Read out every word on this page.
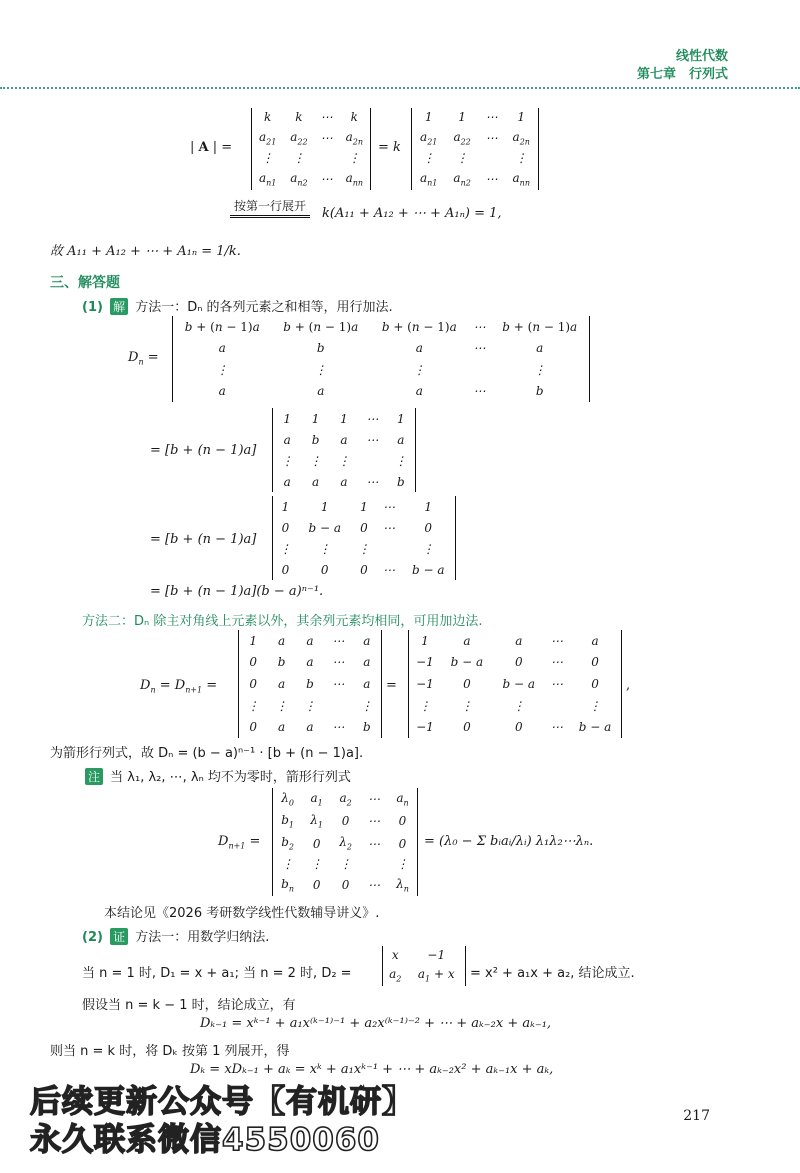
线性代数
第七章　行列式
| A | =
k	k	⋯	k
$a_{21}$	$a_{22}$	⋯	$a_{2n}$
⋮	⋮		⋮
$a_{n1}$	$a_{n2}$	⋯	$a_{nn}$
= k
1	1	⋯	1
$a_{21}$	$a_{22}$	⋯	$a_{2n}$
⋮	⋮		⋮
$a_{n1}$	$a_{n2}$	⋯	$a_{nn}$
按第一行展开	k(A₁₁ + A₁₂ + ⋯ + A₁ₙ) = 1,
故 A₁₁ + A₁₂ + ⋯ + A₁ₙ = 1/k.
三、解答题
(1) 解 方法一：Dₙ 的各列元素之和相等，用行加法.
$D_n$ =
b + (n − 1)a	b + (n − 1)a	b + (n − 1)a	⋯	b + (n − 1)a
a	b	a	⋯	a
⋮	⋮	⋮		⋮
a	a	a	⋯	b
= [b + (n − 1)a]
1	1	1	⋯	1
a	b	a	⋯	a
⋮	⋮	⋮		⋮
a	a	a	⋯	b
= [b + (n − 1)a]
1	1	1	⋯	1
0	b − a	0	⋯	0
⋮	⋮	⋮		⋮
0	0	0	⋯	b − a
= [b + (n − 1)a](b − a)ⁿ⁻¹.
方法二：Dₙ 除主对角线上元素以外，其余列元素均相同，可用加边法.
$D_n = D_{n+1}$ =
1	a	a	⋯	a
0	b	a	⋯	a
0	a	b	⋯	a
⋮	⋮	⋮		⋮
0	a	a	⋯	b
=
1	a	a	⋯	a
−1	b − a	0	⋯	0
−1	0	b − a	⋯	0
⋮	⋮	⋮		⋮
−1	0	0	⋯	b − a
,
为箭形行列式，故 Dₙ = (b − a)ⁿ⁻¹ · [b + (n − 1)a].
注 当 λ₁, λ₂, ⋯, λₙ 均不为零时，箭形行列式
$D_{n+1}$ =
$\lambda_0$	$a_1$	$a_2$	⋯	$a_n$
$b_1$	$\lambda_1$	0	⋯	0
$b_2$	0	$\lambda_2$	⋯	0
⋮	⋮	⋮		⋮
$b_n$	0	0	⋯	$\lambda_n$
= (λ₀ − Σ bᵢaᵢ/λᵢ) λ₁λ₂⋯λₙ.
本结论见《2026 考研数学线性代数辅导讲义》.
(2) 证 方法一：用数学归纳法.
当 n = 1 时, D₁ = x + a₁; 当 n = 2 时, D₂ =
x	−1
$a_2$	$a_1 + x = x^2 + a_1x + a_2$, 结论成立.
假设当 n = k − 1 时，结论成立，有
Dₖ₋₁ = xᵏ⁻¹ + a₁x⁽ᵏ⁻¹⁾⁻¹ + a₂x⁽ᵏ⁻¹⁾⁻² + ⋯ + aₖ₋₂x + aₖ₋₁,
则当 n = k 时，将 Dₖ 按第 1 列展开，得
Dₖ = xDₖ₋₁ + aₖ = xᵏ + a₁xᵏ⁻¹ + ⋯ + aₖ₋₂x² + aₖ₋₁x + aₖ,
后续更新公众号【有机研】
永久联系微信4550060
217
